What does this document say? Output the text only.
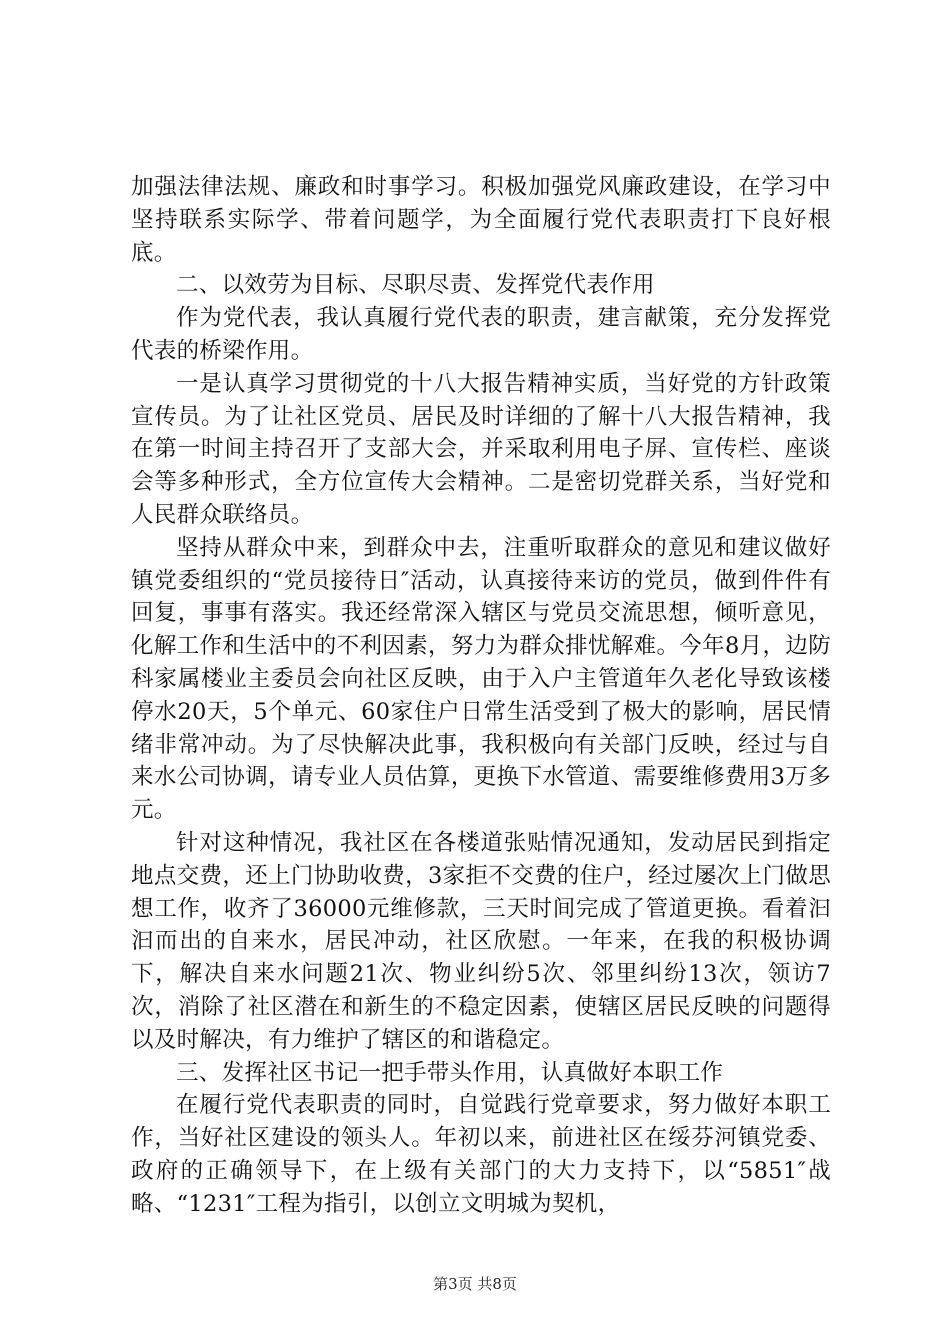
加强法律法规、廉政和时事学习。积极加强党风廉政建设，在学习中坚持联系实际学、带着问题学，为全面履行党代表职责打下良好根底。

二、以效劳为目标、尽职尽责、发挥党代表作用

作为党代表，我认真履行党代表的职责，建言献策，充分发挥党代表的桥梁作用。

一是认真学习贯彻党的十八大报告精神实质，当好党的方针政策宣传员。为了让社区党员、居民及时详细的了解十八大报告精神，我在第一时间主持召开了支部大会，并采取利用电子屏、宣传栏、座谈会等多种形式，全方位宣传大会精神。二是密切党群关系，当好党和人民群众联络员。

坚持从群众中来，到群众中去，注重听取群众的意见和建议做好镇党委组织的“党员接待日″活动，认真接待来访的党员，做到件件有回复，事事有落实。我还经常深入辖区与党员交流思想，倾听意见，化解工作和生活中的不利因素，努力为群众排忧解难。今年8月，边防科家属楼业主委员会向社区反映，由于入户主管道年久老化导致该楼停水20天，5个单元、60家住户日常生活受到了极大的影响，居民情绪非常冲动。为了尽快解决此事，我积极向有关部门反映，经过与自来水公司协调，请专业人员估算，更换下水管道、需要维修费用3万多元。

针对这种情况，我社区在各楼道张贴情况通知，发动居民到指定地点交费，还上门协助收费，3家拒不交费的住户，经过屡次上门做思想工作，收齐了36000元维修款，三天时间完成了管道更换。看着汩汩而出的自来水，居民冲动，社区欣慰。一年来，在我的积极协调下，解决自来水问题21次、物业纠纷5次、邻里纠纷13次，领访7次，消除了社区潜在和新生的不稳定因素，使辖区居民反映的问题得以及时解决，有力维护了辖区的和谐稳定。

三、发挥社区书记一把手带头作用，认真做好本职工作

在履行党代表职责的同时，自觉践行党章要求，努力做好本职工作，当好社区建设的领头人。年初以来，前进社区在绥芬河镇党委、政府的正确领导下，在上级有关部门的大力支持下，以“5851″战略、“1231″工程为指引，以创立文明城为契机，

第3页 共8页
